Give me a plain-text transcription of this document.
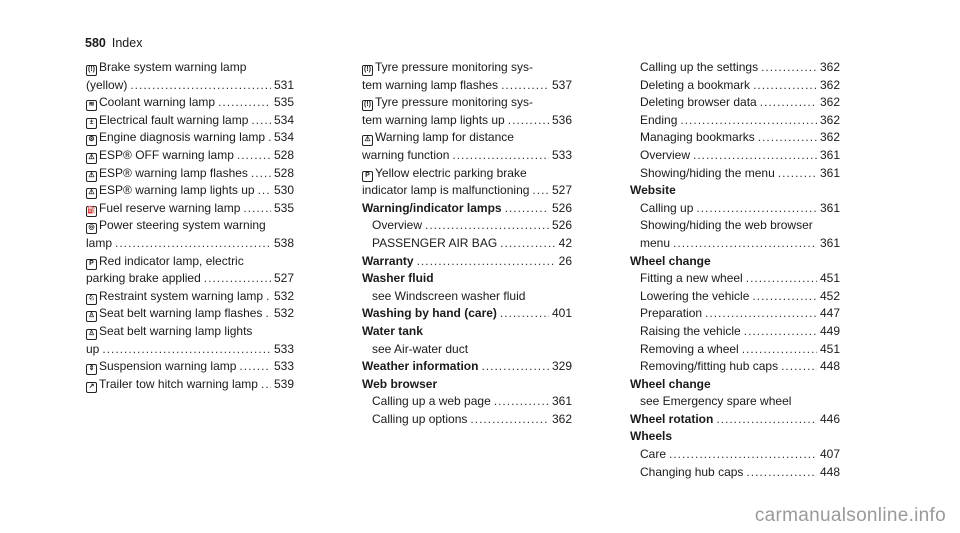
580 Index
(!) Brake system warning lamp
(yellow) .....	531
≋ Coolant warning lamp .....	535
± Electrical fault warning lamp ..... 534
⚙ Engine diagnosis warning lamp ..... 534
⚠ ESP® OFF warning lamp .....	528
⚠ ESP® warning lamp flashes ..... 528
⚠ ESP® warning lamp lights up ..... 530
⛽ Fuel reserve warning lamp .....	535
◎ Power steering system warning
lamp .....	538
P Red indicator lamp, electric
parking brake applied .....	527
♘ Restraint system warning lamp ..... 532
♙ Seat belt warning lamp flashes ..... 532
♙ Seat belt warning lamp lights
up .....	533
⇕ Suspension warning lamp .....	533
↗ Trailer tow hitch warning lamp ..... 539
(!) Tyre pressure monitoring sys-
tem warning lamp flashes .....	537
(!) Tyre pressure monitoring sys-
tem warning lamp lights up .....	536
⚠ Warning lamp for distance
warning function .....	533
P Yellow electric parking brake
indicator lamp is malfunctioning ..... 527
Warning/indicator lamps .....	526
Overview .....	526
PASSENGER AIR BAG .....	42
Warranty .....	26
Washer fluid
see Windscreen washer fluid
Washing by hand (care) .....	401
Water tank
see Air-water duct
Weather information .....	329
Web browser
Calling up a web page .....	361
Calling up options .....	362
Calling up the settings .....	362
Deleting a bookmark .....	362
Deleting browser data .....	362
Ending .....	362
Managing bookmarks .....	362
Overview .....	361
Showing/hiding the menu .....	361
Website
Calling up .....	361
Showing/hiding the web browser
menu .....	361
Wheel change
Fitting a new wheel .....	451
Lowering the vehicle .....	452
Preparation .....	447
Raising the vehicle .....	449
Removing a wheel .....	451
Removing/fitting hub caps .....	448
Wheel change
see Emergency spare wheel
Wheel rotation .....	446
Wheels
Care .....	407
Changing hub caps .....	448
carmanualsonline.info
